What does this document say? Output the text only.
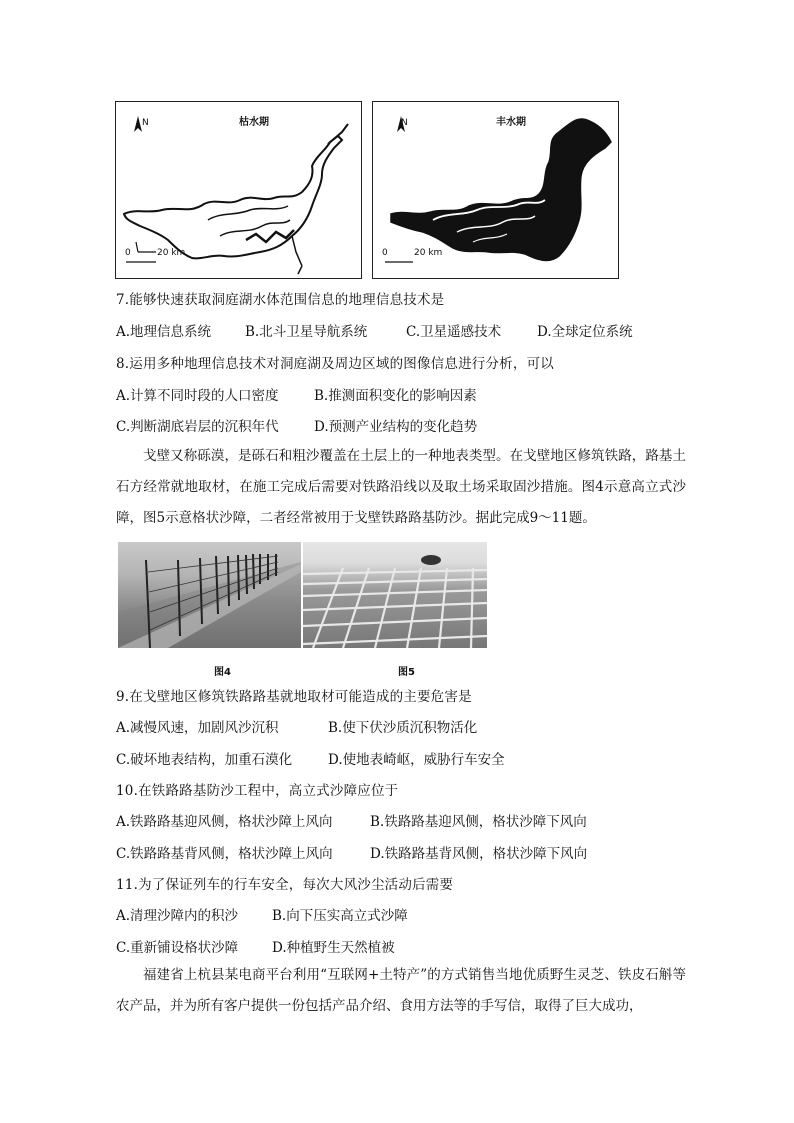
枯水期
N
0	20 km
丰水期
N
0	20 km
7.能够快速获取洞庭湖水体范围信息的地理信息技术是
A.地理信息系统	B.北斗卫星导航系统	C.卫星遥感技术	D.全球定位系统
8.运用多种地理信息技术对洞庭湖及周边区域的图像信息进行分析，可以
A.计算不同时段的人口密度	B.推测面积变化的影响因素
C.判断湖底岩层的沉积年代	D.预测产业结构的变化趋势
戈壁又称砾漠，是砾石和粗沙覆盖在土层上的一种地表类型。在戈壁地区修筑铁路，路基土石方经常就地取材，在施工完成后需要对铁路沿线以及取土场采取固沙措施。图4示意高立式沙障，图5示意格状沙障，二者经常被用于戈壁铁路路基防沙。据此完成9～11题。
图4	图5
9.在戈壁地区修筑铁路路基就地取材可能造成的主要危害是
A.减慢风速，加剧风沙沉积	B.使下伏沙质沉积物活化
C.破坏地表结构，加重石漠化	D.使地表崎岖，威胁行车安全
10.在铁路路基防沙工程中，高立式沙障应位于
A.铁路路基迎风侧，格状沙障上风向	B.铁路路基迎风侧，格状沙障下风向
C.铁路路基背风侧，格状沙障上风向	D.铁路路基背风侧，格状沙障下风向
11.为了保证列车的行车安全，每次大风沙尘活动后需要
A.清理沙障内的积沙	B.向下压实高立式沙障
C.重新铺设格状沙障	D.种植野生天然植被
福建省上杭县某电商平台利用“互联网+土特产”的方式销售当地优质野生灵芝、铁皮石斛等农产品，并为所有客户提供一份包括产品介绍、食用方法等的手写信，取得了巨大成功，
